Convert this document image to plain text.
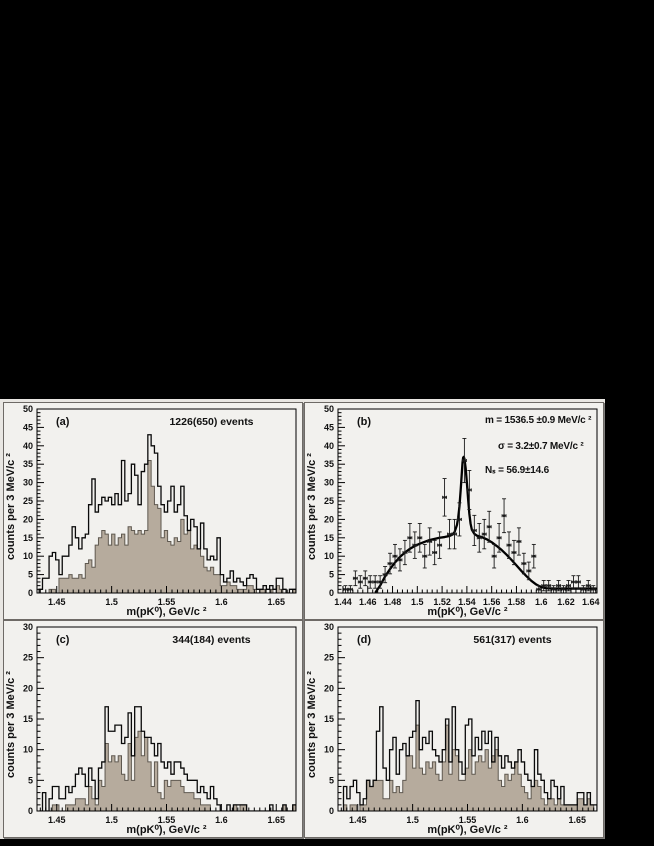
1.45	1.5	1.55	1.6	1.65
0
5
10
15
20
25
30
35
40
45
50
counts per 3 MeV/c ²
m(pK⁰), GeV/c ²
(a)	1226(650) events
1.44 1.46 1.48 1.5 1.52 1.54 1.56 1.58 1.6 1.62 1.64
0
5
10
15
20
25
30
35
40
45
50
counts per 3 MeV/c ²
m(pK⁰), GeV/c ²
(b)	m = 1536.5 ±0.9 MeV/c ²
σ = 3.2±0.7 MeV/c ²
Nₛ = 56.9±14.6
1.45	1.5	1.55	1.6	1.65
0
5
10
15
20
25
30
counts per 3 MeV/c ²
m(pK⁰), GeV/c ²
(c)	344(184) events
1.45	1.5	1.55	1.6	1.65
0
5
10
15
20
25
30
counts per 3 MeV/c ²
m(pK⁰), GeV/c ²
(d)	561(317) events
